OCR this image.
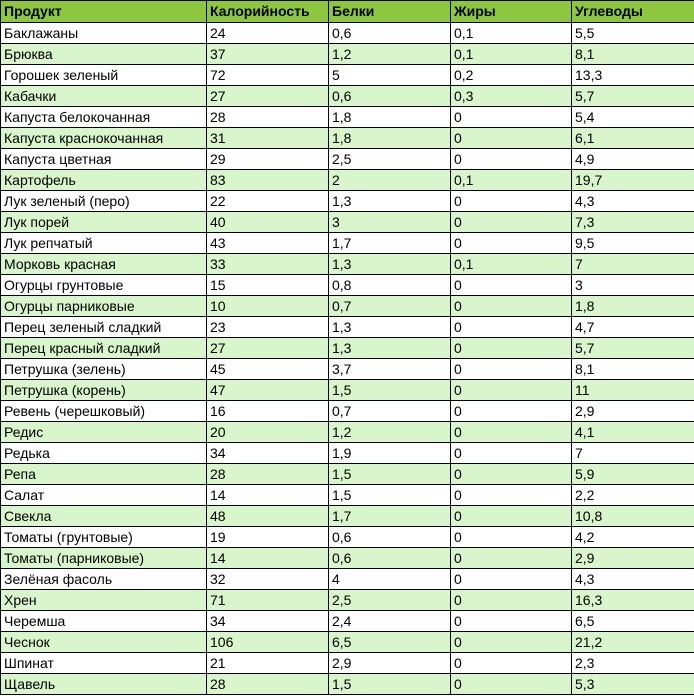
Продукт	Калорийность	Белки	Жиры	Углеводы
Баклажаны	24	0,6	0,1	5,5
Брюква	37	1,2	0,1	8,1
Горошек зеленый	72	5	0,2	13,3
Кабачки	27	0,6	0,3	5,7
Капуста белокочанная	28	1,8	0	5,4
Капуста краснокочанная	31	1,8	0	6,1
Капуста цветная	29	2,5	0	4,9
Картофель	83	2	0,1	19,7
Лук зеленый (перо)	22	1,3	0	4,3
Лук порей	40	3	0	7,3
Лук репчатый	43	1,7	0	9,5
Морковь красная	33	1,3	0,1	7
Огурцы грунтовые	15	0,8	0	3
Огурцы парниковые	10	0,7	0	1,8
Перец зеленый сладкий	23	1,3	0	4,7
Перец красный сладкий	27	1,3	0	5,7
Петрушка (зелень)	45	3,7	0	8,1
Петрушка (корень)	47	1,5	0	11
Ревень (черешковый)	16	0,7	0	2,9
Редис	20	1,2	0	4,1
Редька	34	1,9	0	7
Репа	28	1,5	0	5,9
Салат	14	1,5	0	2,2
Свекла	48	1,7	0	10,8
Томаты (грунтовые)	19	0,6	0	4,2
Томаты (парниковые)	14	0,6	0	2,9
Зелёная фасоль	32	4	0	4,3
Хрен	71	2,5	0	16,3
Черемша	34	2,4	0	6,5
Чеснок	106	6,5	0	21,2
Шпинат	21	2,9	0	2,3
Щавель	28	1,5	0	5,3
